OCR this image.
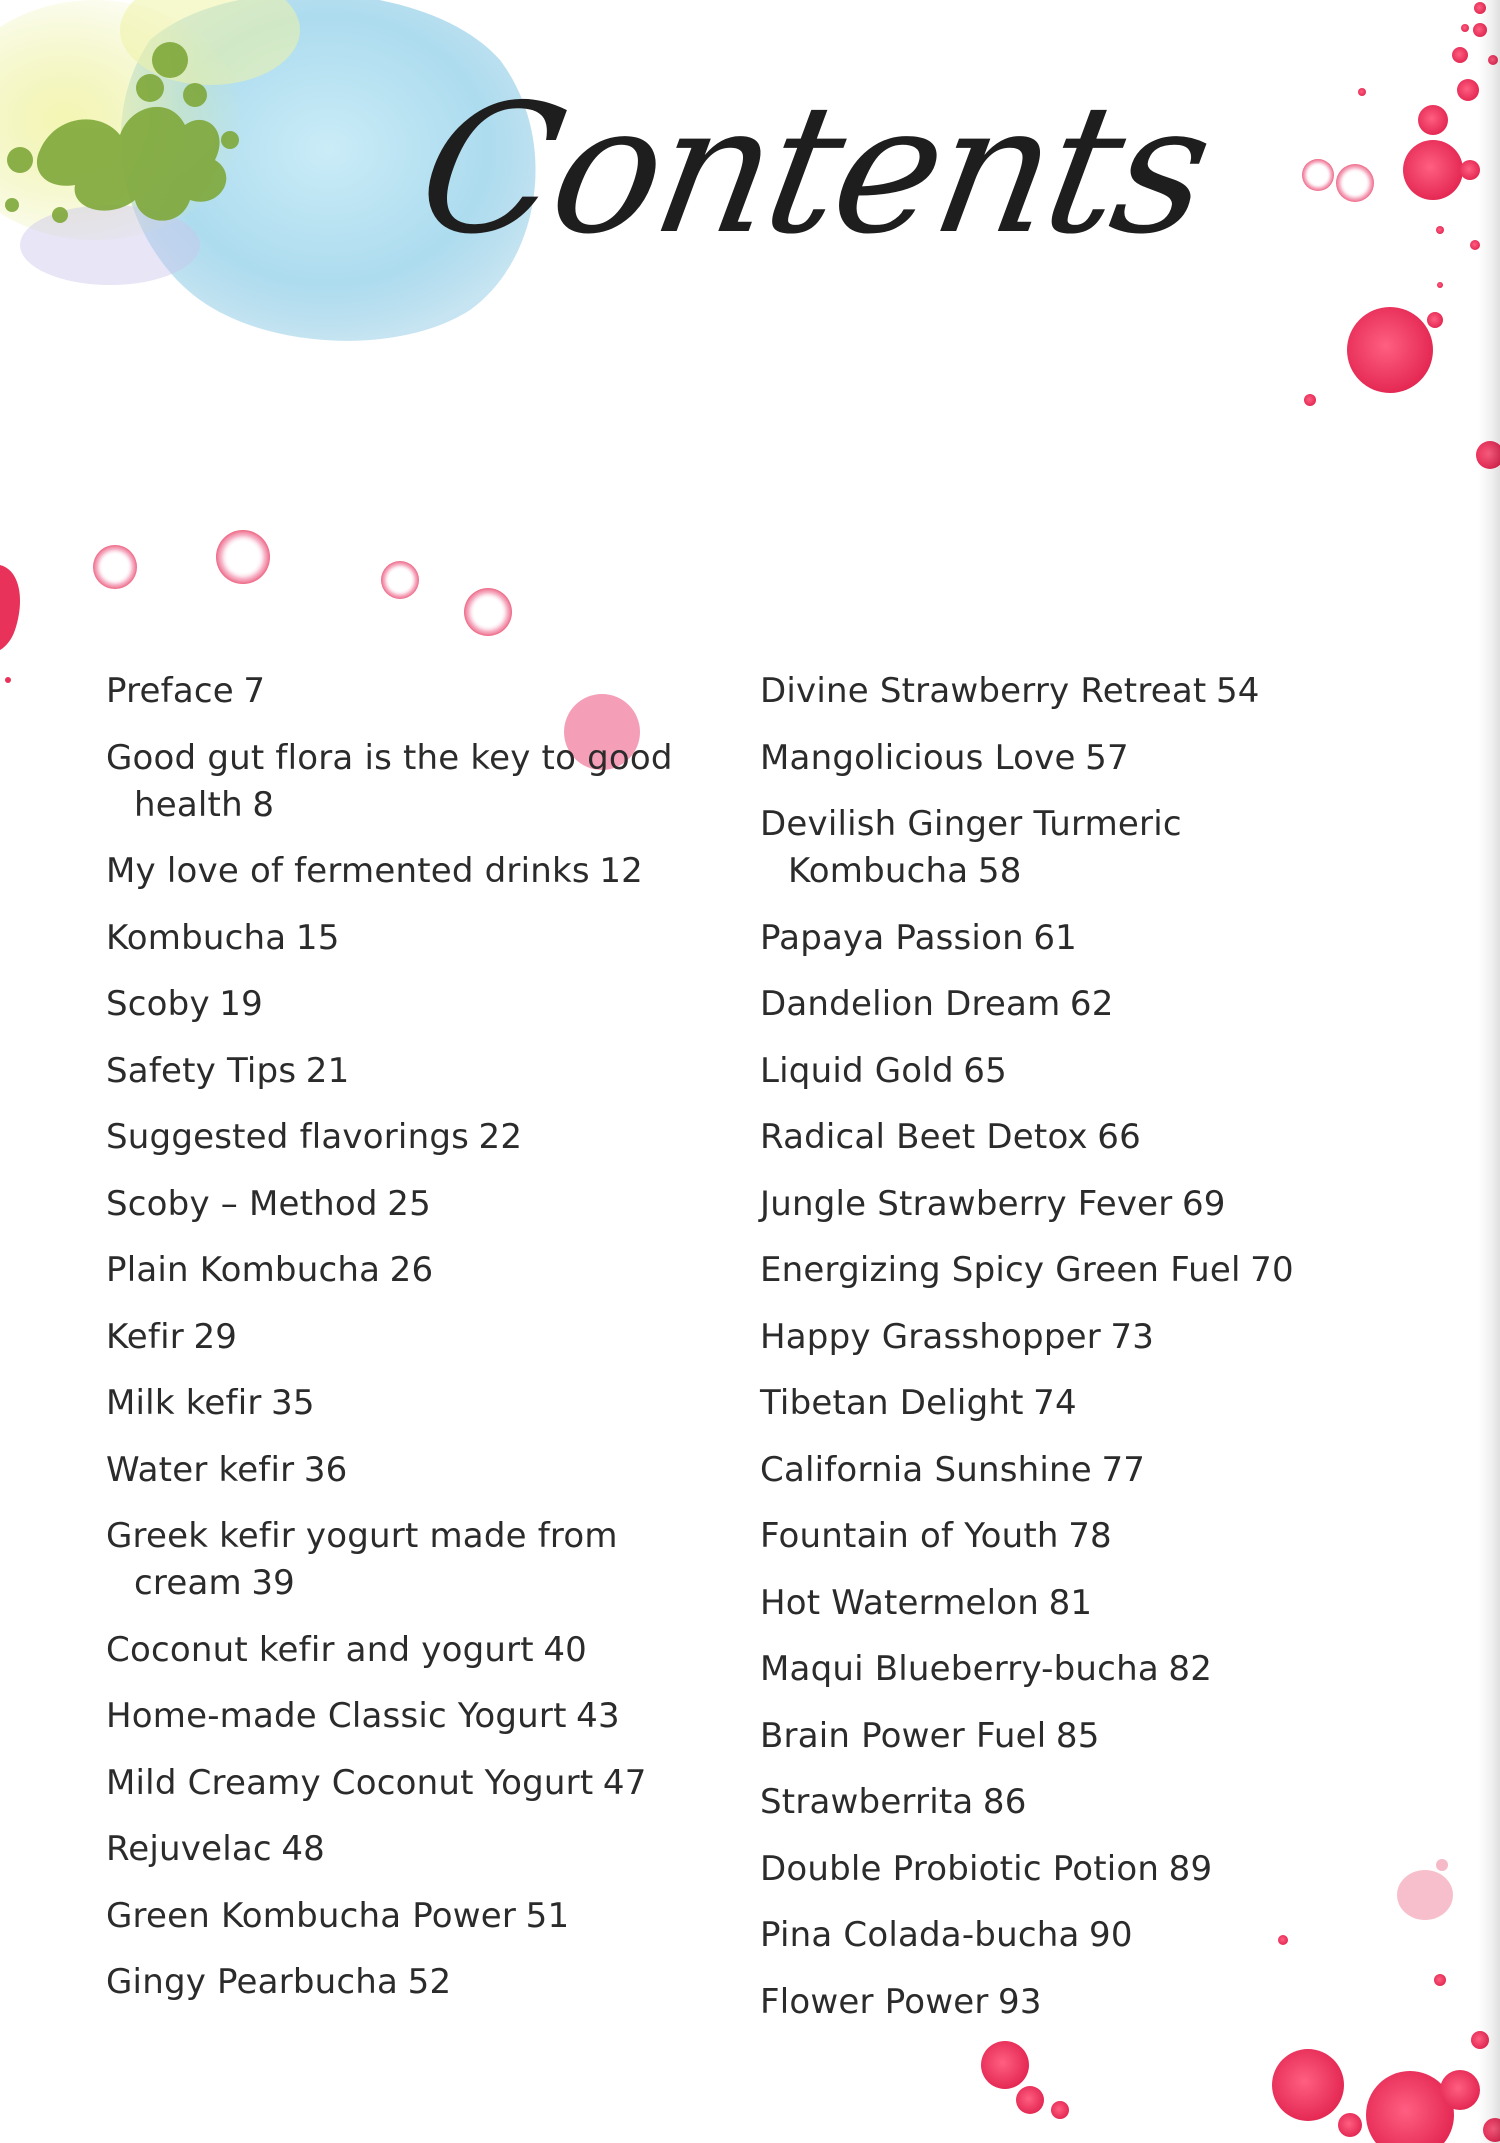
Contents
Preface 7
Good gut flora is the key to good health 8
My love of fermented drinks 12
Kombucha 15
Scoby 19
Safety Tips 21
Suggested flavorings 22
Scoby – Method 25
Plain Kombucha 26
Kefir 29
Milk kefir 35
Water kefir 36
Greek kefir yogurt made from cream 39
Coconut kefir and yogurt 40
Home-made Classic Yogurt 43
Mild Creamy Coconut Yogurt 47
Rejuvelac 48
Green Kombucha Power 51
Gingy Pearbucha 52
Divine Strawberry Retreat 54
Mangolicious Love 57
Devilish Ginger Turmeric Kombucha 58
Papaya Passion 61
Dandelion Dream 62
Liquid Gold 65
Radical Beet Detox 66
Jungle Strawberry Fever 69
Energizing Spicy Green Fuel 70
Happy Grasshopper 73
Tibetan Delight 74
California Sunshine 77
Fountain of Youth 78
Hot Watermelon 81
Maqui Blueberry-bucha 82
Brain Power Fuel 85
Strawberrita 86
Double Probiotic Potion 89
Pina Colada-bucha 90
Flower Power 93
